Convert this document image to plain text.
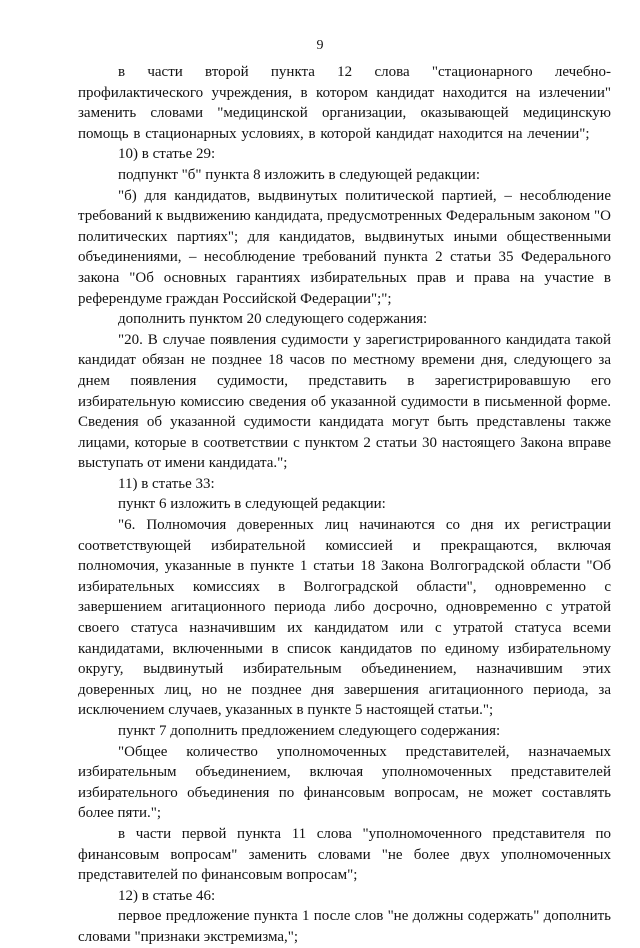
9

в части второй пункта 12 слова "стационарного лечебно-профилактического учреждения, в котором кандидат находится на излечении" заменить словами "медицинской организации, оказывающей медицинскую помощь в стационарных условиях, в которой кандидат находится на лечении";

10) в статье 29:

подпункт "б" пункта 8 изложить в следующей редакции:

"б) для кандидатов, выдвинутых политической партией, – несоблюдение требований к выдвижению кандидата, предусмотренных Федеральным законом "О политических партиях"; для кандидатов, выдвинутых иными общественными объединениями, – несоблюдение требований пункта 2 статьи 35 Федерального закона "Об основных гарантиях избирательных прав и права на участие в референдуме граждан Российской Федерации";";

дополнить пунктом 20 следующего содержания:

"20. В случае появления судимости у зарегистрированного кандидата такой кандидат обязан не позднее 18 часов по местному времени дня, следующего за днем появления судимости, представить в зарегистрировавшую его избирательную комиссию сведения об указанной судимости в письменной форме. Сведения об указанной судимости кандидата могут быть представлены также лицами, которые в соответствии с пунктом 2 статьи 30 настоящего Закона вправе выступать от имени кандидата.";

11) в статье 33:

пункт 6 изложить в следующей редакции:

"6. Полномочия доверенных лиц начинаются со дня их регистрации соответствующей избирательной комиссией и прекращаются, включая полномочия, указанные в пункте 1 статьи 18 Закона Волгоградской области "Об избирательных комиссиях в Волгоградской области", одновременно с завершением агитационного периода либо досрочно, одновременно с утратой своего статуса назначившим их кандидатом или с утратой статуса всеми кандидатами, включенными в список кандидатов по единому избирательному округу, выдвинутый избирательным объединением, назначившим этих доверенных лиц, но не позднее дня завершения агитационного периода, за исключением случаев, указанных в пункте 5 настоящей статьи.";

пункт 7 дополнить предложением следующего содержания:

"Общее количество уполномоченных представителей, назначаемых избирательным объединением, включая уполномоченных представителей избирательного объединения по финансовым вопросам, не может составлять более пяти.";

в части первой пункта 11 слова "уполномоченного представителя по финансовым вопросам" заменить словами "не более двух уполномоченных представителей по финансовым вопросам";

12) в статье 46:

первое предложение пункта 1 после слов "не должны содержать" дополнить словами "признаки экстремизма,";
